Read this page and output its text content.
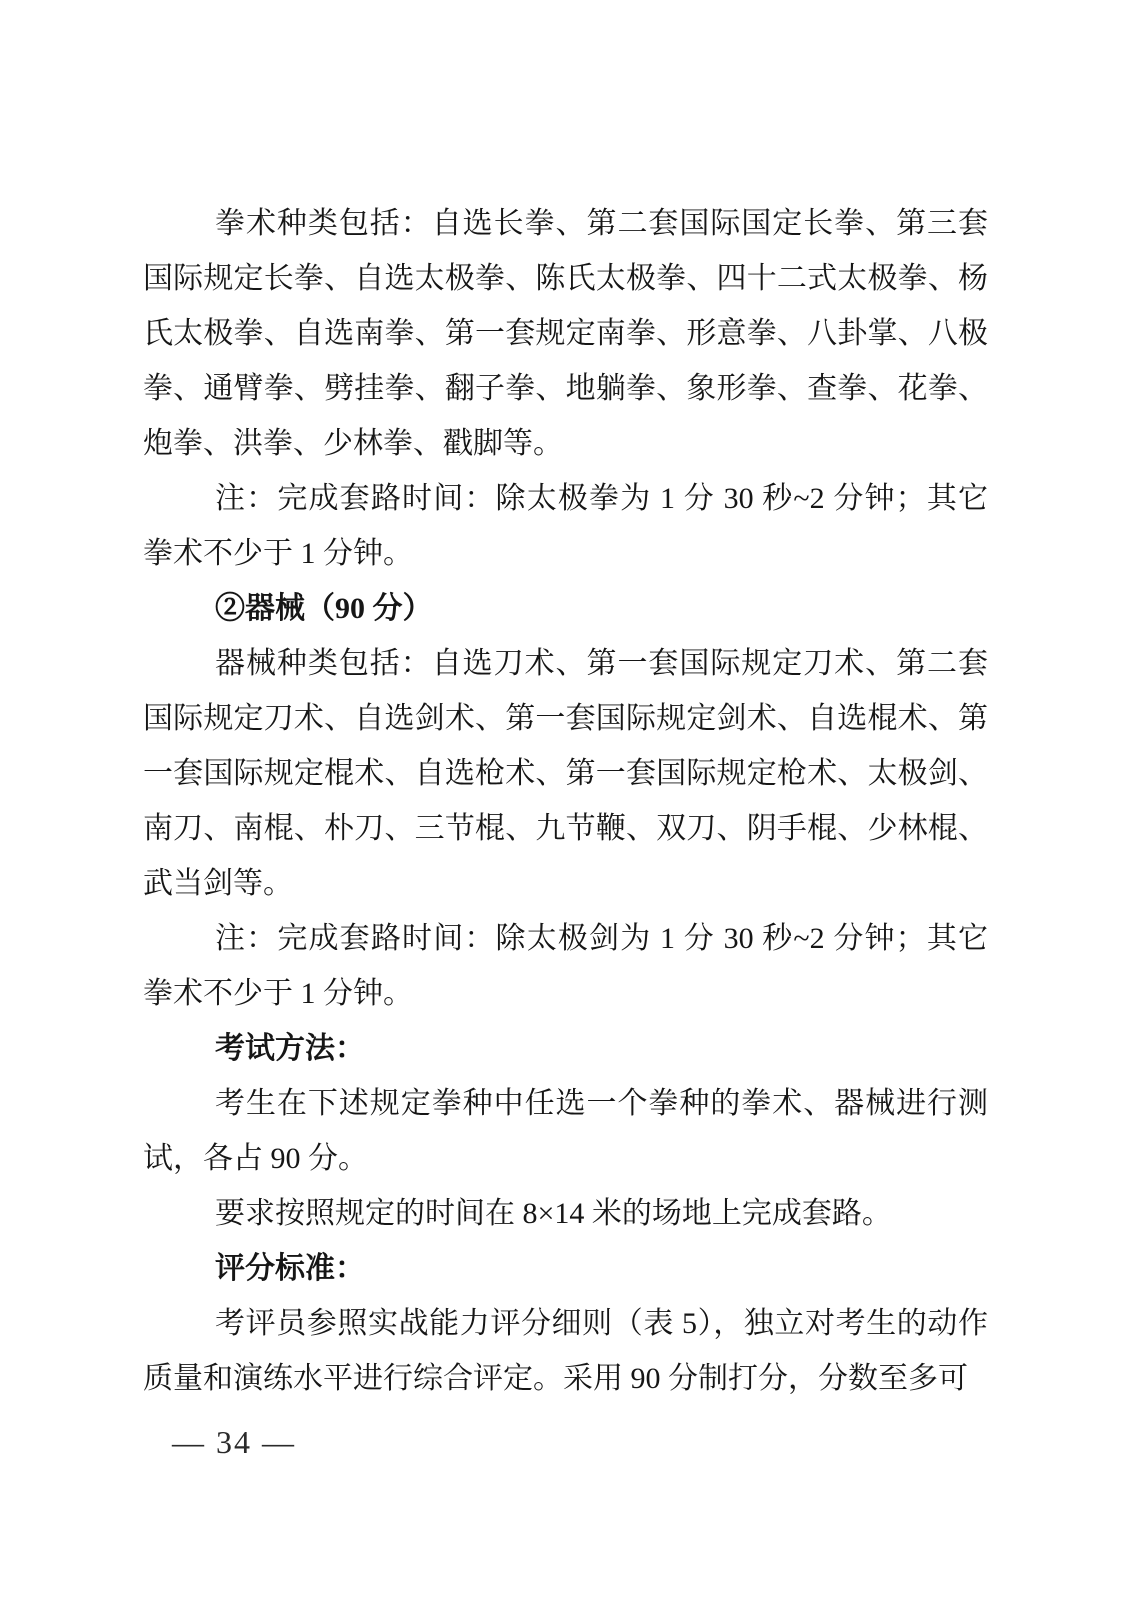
拳术种类包括：自选长拳、第二套国际国定长拳、第三套国际规定长拳、自选太极拳、陈氏太极拳、四十二式太极拳、杨氏太极拳、自选南拳、第一套规定南拳、形意拳、八卦掌、八极拳、通臂拳、劈挂拳、翻子拳、地躺拳、象形拳、查拳、花拳、炮拳、洪拳、少林拳、戳脚等。

注：完成套路时间：除太极拳为 1 分 30 秒~2 分钟；其它拳术不少于 1 分钟。

②器械（90 分）

器械种类包括：自选刀术、第一套国际规定刀术、第二套国际规定刀术、自选剑术、第一套国际规定剑术、自选棍术、第一套国际规定棍术、自选枪术、第一套国际规定枪术、太极剑、南刀、南棍、朴刀、三节棍、九节鞭、双刀、阴手棍、少林棍、武当剑等。

注：完成套路时间：除太极剑为 1 分 30 秒~2 分钟；其它拳术不少于 1 分钟。

考试方法：

考生在下述规定拳种中任选一个拳种的拳术、器械进行测试，各占 90 分。

要求按照规定的时间在 8×14 米的场地上完成套路。

评分标准：

考评员参照实战能力评分细则（表 5），独立对考生的动作质量和演练水平进行综合评定。采用 90 分制打分，分数至多可

— 34 —
